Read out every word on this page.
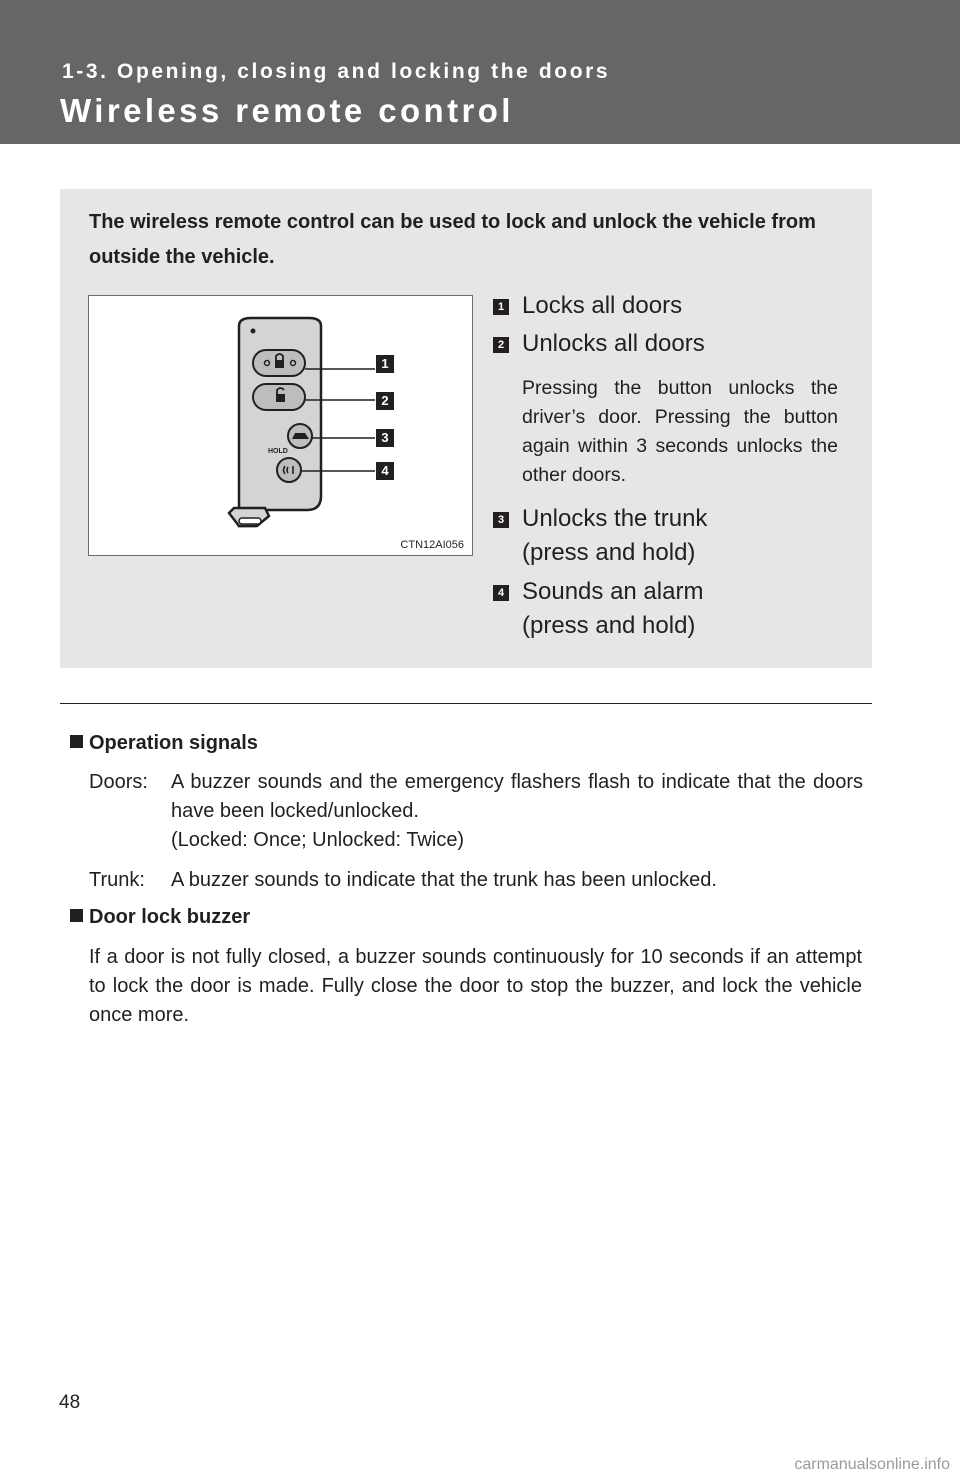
1-3. Opening, closing and locking the doors
Wireless remote control
The wireless remote control can be used to lock and unlock the vehicle from outside the vehicle.
HOLD
1
2
3
4
CTN12AI056
1 Locks all doors
2 Unlocks all doors
Pressing the button unlocks the driver’s door. Pressing the button again within 3 seconds unlocks the other doors.
3 Unlocks the trunk
(press and hold)
4 Sounds an alarm
(press and hold)
Operation signals
Doors: A buzzer sounds and the emergency flashers flash to indicate that the doors have been locked/unlocked.
(Locked: Once; Unlocked: Twice)
Trunk: A buzzer sounds to indicate that the trunk has been unlocked.
Door lock buzzer
If a door is not fully closed, a buzzer sounds continuously for 10 seconds if an attempt to lock the door is made. Fully close the door to stop the buzzer, and lock the vehicle once more.
48
carmanualsonline.info
